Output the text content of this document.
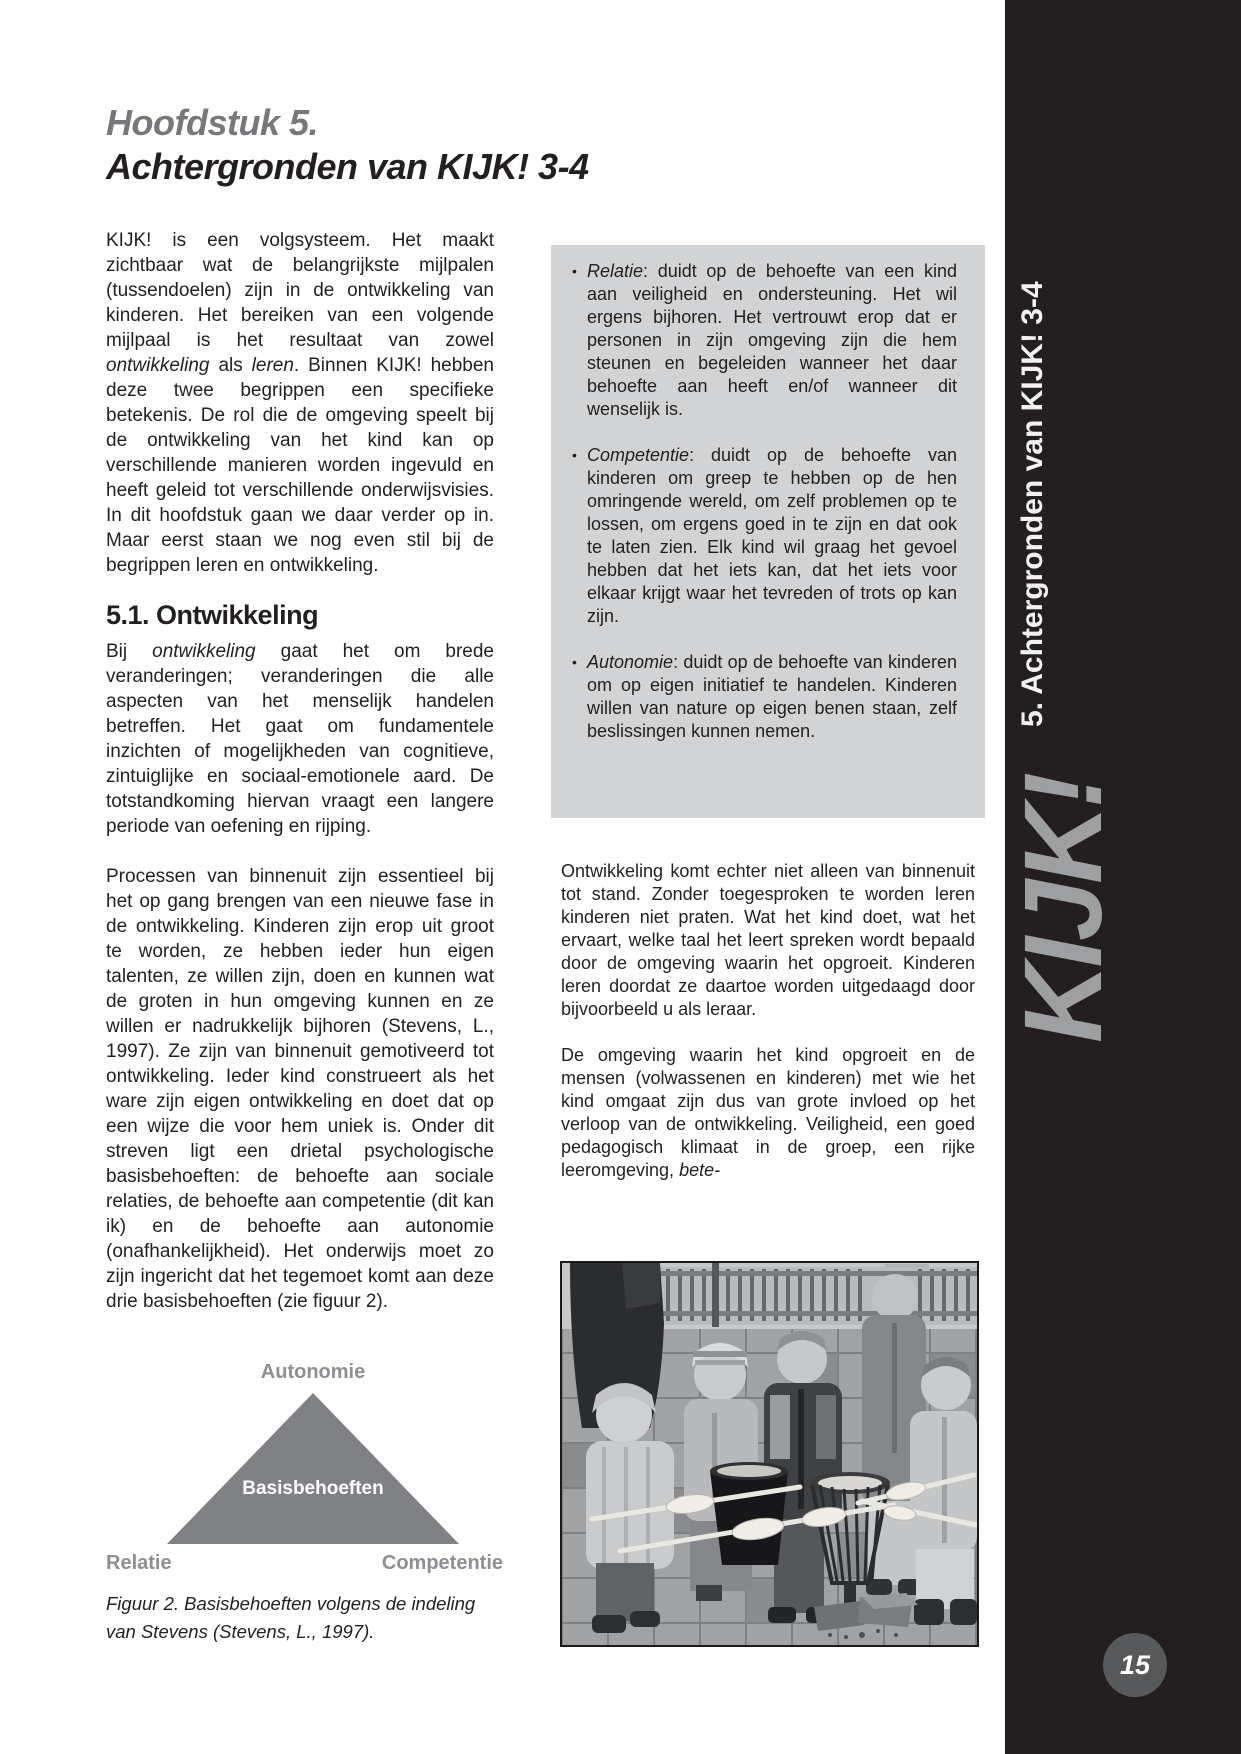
Hoofdstuk 5.
Achtergronden van KIJK! 3-4
KIJK! is een volgsysteem. Het maakt zichtbaar wat de belangrijkste mijlpalen (tussendoelen) zijn in de ontwikkeling van kinderen. Het bereiken van een volgende mijlpaal is het resultaat van zowel ontwikkeling als leren. Binnen KIJK! hebben deze twee begrippen een specifieke betekenis. De rol die de omgeving speelt bij de ontwikkeling van het kind kan op verschillende manieren worden ingevuld en heeft geleid tot verschillende onderwijsvisies. In dit hoofdstuk gaan we daar verder op in. Maar eerst staan we nog even stil bij de begrippen leren en ontwikkeling.
5.1. Ontwikkeling
Bij ontwikkeling gaat het om brede veranderingen; veranderingen die alle aspecten van het menselijk handelen betreffen. Het gaat om fundamentele inzichten of mogelijkheden van cognitieve, zintuiglijke en sociaal-emotionele aard. De totstandkoming hiervan vraagt een langere periode van oefening en rijping.
Processen van binnenuit zijn essentieel bij het op gang brengen van een nieuwe fase in de ontwikkeling. Kinderen zijn erop uit groot te worden, ze hebben ieder hun eigen talenten, ze willen zijn, doen en kunnen wat de groten in hun omgeving kunnen en ze willen er nadrukkelijk bijhoren (Stevens, L., 1997). Ze zijn van binnenuit gemotiveerd tot ontwikkeling. Ieder kind construeert als het ware zijn eigen ontwikkeling en doet dat op een wijze die voor hem uniek is. Onder dit streven ligt een drietal psychologische basisbehoeften: de behoefte aan sociale relaties, de behoefte aan competentie (dit kan ik) en de behoefte aan autonomie (onafhankelijkheid). Het onderwijs moet zo zijn ingericht dat het tegemoet komt aan deze drie basisbehoeften (zie figuur 2).
• Relatie: duidt op de behoefte van een kind aan veiligheid en ondersteuning. Het wil ergens bijhoren. Het vertrouwt erop dat er personen in zijn omgeving zijn die hem steunen en begeleiden wanneer het daar behoefte aan heeft en/of wanneer dit wenselijk is.
• Competentie: duidt op de behoefte van kinderen om greep te hebben op de hen omringende wereld, om zelf problemen op te lossen, om ergens goed in te zijn en dat ook te laten zien. Elk kind wil graag het gevoel hebben dat het iets kan, dat het iets voor elkaar krijgt waar het tevreden of trots op kan zijn.
• Autonomie: duidt op de behoefte van kinderen om op eigen initiatief te handelen. Kinderen willen van nature op eigen benen staan, zelf beslissingen kunnen nemen.
Ontwikkeling komt echter niet alleen van binnenuit tot stand. Zonder toegesproken te worden leren kinderen niet praten. Wat het kind doet, wat het ervaart, welke taal het leert spreken wordt bepaald door de omgeving waarin het opgroeit. Kinderen leren doordat ze daartoe worden uitgedaagd door bijvoorbeeld u als leraar.
De omgeving waarin het kind opgroeit en de mensen (volwassenen en kinderen) met wie het kind omgaat zijn dus van grote invloed op het verloop van de ontwikkeling. Veiligheid, een goed pedagogisch klimaat in de groep, een rijke leeromgeving, bete-
Autonomie
Basisbehoeften
Relatie	Competentie
Figuur 2. Basisbehoeften volgens de indeling van Stevens (Stevens, L., 1997).
5. Achtergronden van KIJK! 3-4
KIJK!
15
